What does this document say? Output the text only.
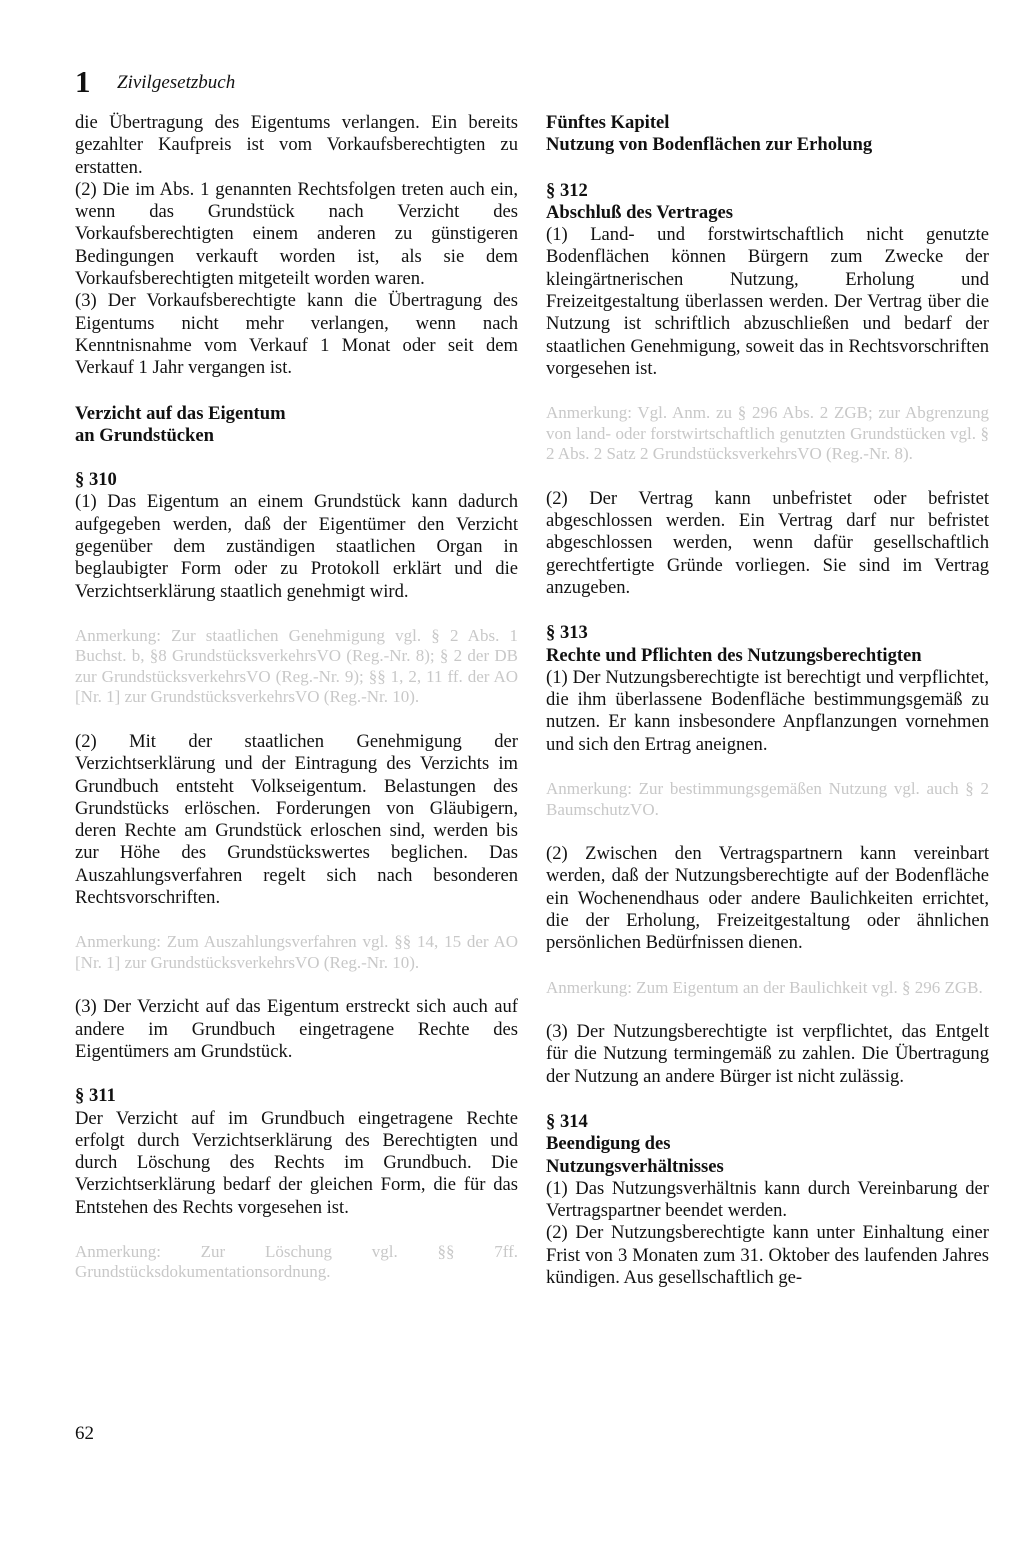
1 Zivilgesetzbuch

die Übertragung des Eigentums verlangen. Ein bereits gezahlter Kaufpreis ist vom Vorkaufsberechtigten zu erstatten.

(2) Die im Abs. 1 genannten Rechtsfolgen treten auch ein, wenn das Grundstück nach Verzicht des Vorkaufsberechtigten einem anderen zu günstigeren Bedingungen verkauft worden ist, als sie dem Vorkaufsberechtigten mitgeteilt worden waren.

(3) Der Vorkaufsberechtigte kann die Übertragung des Eigentums nicht mehr verlangen, wenn nach Kenntnisnahme vom Verkauf 1 Monat oder seit dem Verkauf 1 Jahr vergangen ist.

Verzicht auf das Eigentum

an Grundstücken

§ 310

(1) Das Eigentum an einem Grundstück kann dadurch aufgegeben werden, daß der Eigentümer den Verzicht gegenüber dem zuständigen staatlichen Organ in beglaubigter Form oder zu Protokoll erklärt und die Verzichtserklärung staatlich genehmigt wird.

Anmerkung: Zur staatlichen Genehmigung vgl. § 2 Abs. 1 Buchst. b, §8 GrundstücksverkehrsVO (Reg.-Nr. 8); § 2 der DB zur GrundstücksverkehrsVO (Reg.-Nr. 9); §§ 1, 2, 11 ff. der AO [Nr. 1] zur GrundstücksverkehrsVO (Reg.-Nr. 10).

(2) Mit der staatlichen Genehmigung der Verzichtserklärung und der Eintragung des Verzichts im Grundbuch entsteht Volkseigentum. Belastungen des Grundstücks erlöschen. Forderungen von Gläubigern, deren Rechte am Grundstück erloschen sind, werden bis zur Höhe des Grundstückswertes beglichen. Das Auszahlungsverfahren regelt sich nach besonderen Rechtsvorschriften.

Anmerkung: Zum Auszahlungsverfahren vgl. §§ 14, 15 der AO [Nr. 1] zur GrundstücksverkehrsVO (Reg.-Nr. 10).

(3) Der Verzicht auf das Eigentum erstreckt sich auch auf andere im Grundbuch eingetragene Rechte des Eigentümers am Grundstück.

§ 311

Der Verzicht auf im Grundbuch eingetragene Rechte erfolgt durch Verzichtserklärung des Berechtigten und durch Löschung des Rechts im Grundbuch. Die Verzichtserklärung bedarf der gleichen Form, die für das Entstehen des Rechts vorgesehen ist.

Anmerkung: Zur Löschung vgl. §§ 7ff. Grundstücksdokumentationsordnung.

Fünftes Kapitel

Nutzung von Bodenflächen zur Erholung

§ 312

Abschluß des Vertrages

(1) Land- und forstwirtschaftlich nicht genutzte Bodenflächen können Bürgern zum Zwecke der kleingärtnerischen Nutzung, Erholung und Freizeitgestaltung überlassen werden. Der Vertrag über die Nutzung ist schriftlich abzuschließen und bedarf der staatlichen Genehmigung, soweit das in Rechtsvorschriften vorgesehen ist.

Anmerkung: Vgl. Anm. zu § 296 Abs. 2 ZGB; zur Abgrenzung von land- oder forstwirtschaftlich genutzten Grundstücken vgl. § 2 Abs. 2 Satz 2 GrundstücksverkehrsVO (Reg.-Nr. 8).

(2) Der Vertrag kann unbefristet oder befristet abgeschlossen werden. Ein Vertrag darf nur befristet abgeschlossen werden, wenn dafür gesellschaftlich gerechtfertigte Gründe vorliegen. Sie sind im Vertrag anzugeben.

§ 313

Rechte und Pflichten des Nutzungsberechtigten

(1) Der Nutzungsberechtigte ist berechtigt und verpflichtet, die ihm überlassene Bodenfläche bestimmungsgemäß zu nutzen. Er kann insbesondere Anpflanzungen vornehmen und sich den Ertrag aneignen.

Anmerkung: Zur bestimmungsgemäßen Nutzung vgl. auch § 2 BaumschutzVO.

(2) Zwischen den Vertragspartnern kann vereinbart werden, daß der Nutzungsberechtigte auf der Bodenfläche ein Wochenendhaus oder andere Baulichkeiten errichtet, die der Erholung, Freizeitgestaltung oder ähnlichen persönlichen Bedürfnissen dienen.

Anmerkung: Zum Eigentum an der Baulichkeit vgl. § 296 ZGB.

(3) Der Nutzungsberechtigte ist verpflichtet, das Entgelt für die Nutzung termingemäß zu zahlen. Die Übertragung der Nutzung an andere Bürger ist nicht zulässig.

§ 314

Beendigung des

Nutzungsverhältnisses

(1) Das Nutzungsverhältnis kann durch Vereinbarung der Vertragspartner beendet werden.

(2) Der Nutzungsberechtigte kann unter Einhaltung einer Frist von 3 Monaten zum 31. Oktober des laufenden Jahres kündigen. Aus gesellschaftlich ge-

62
